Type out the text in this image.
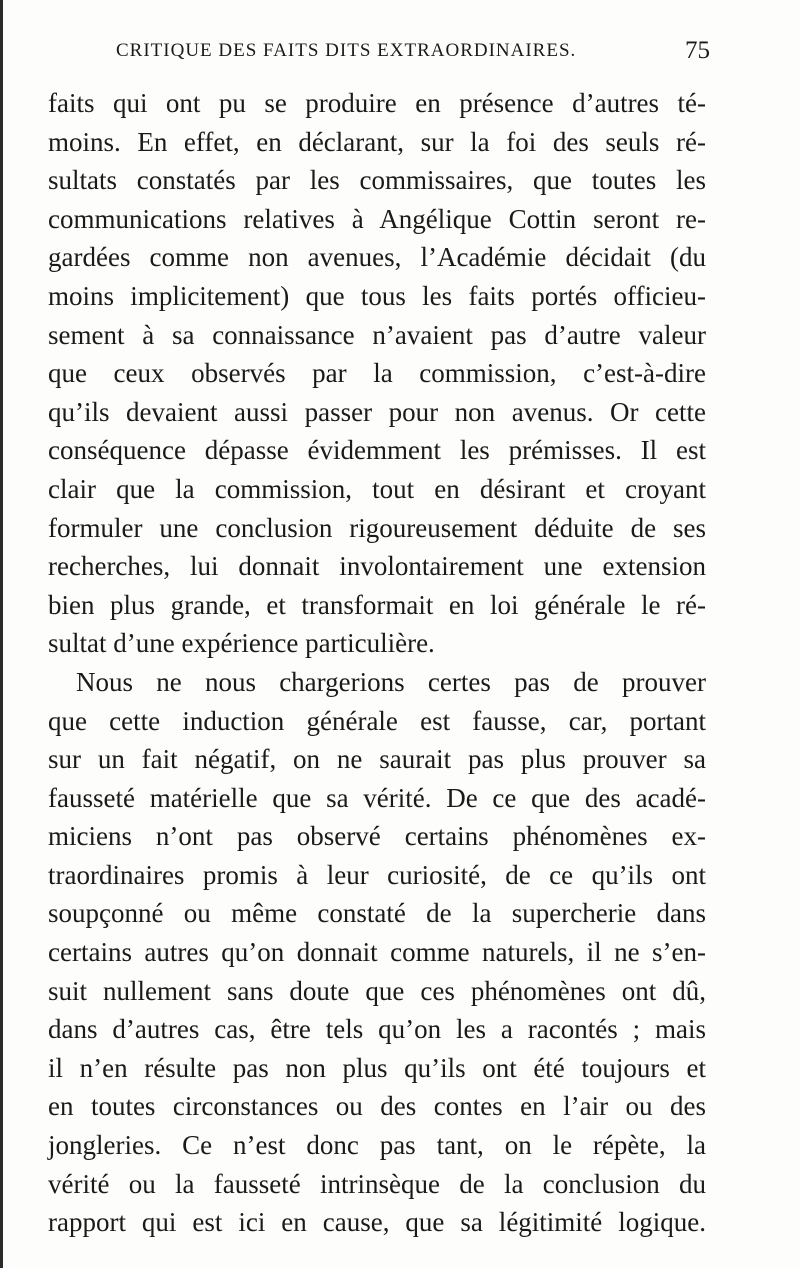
CRITIQUE DES FAITS DITS EXTRAORDINAIRES.	75
faits qui ont pu se produire en présence d’autres té-
moins. En effet, en déclarant, sur la foi des seuls ré-
sultats constatés par les commissaires, que toutes les
communications relatives à Angélique Cottin seront re-
gardées comme non avenues, l’Académie décidait (du
moins implicitement) que tous les faits portés officieu-
sement à sa connaissance n’avaient pas d’autre valeur
que ceux observés par la commission, c’est-à-dire
qu’ils devaient aussi passer pour non avenus. Or cette
conséquence dépasse évidemment les prémisses. Il est
clair que la commission, tout en désirant et croyant
formuler une conclusion rigoureusement déduite de ses
recherches, lui donnait involontairement une extension
bien plus grande, et transformait en loi générale le ré-
sultat d’une expérience particulière.
Nous ne nous chargerions certes pas de prouver
que cette induction générale est fausse, car, portant
sur un fait négatif, on ne saurait pas plus prouver sa
fausseté matérielle que sa vérité. De ce que des acadé-
miciens n’ont pas observé certains phénomènes ex-
traordinaires promis à leur curiosité, de ce qu’ils ont
soupçonné ou même constaté de la supercherie dans
certains autres qu’on donnait comme naturels, il ne s’en-
suit nullement sans doute que ces phénomènes ont dû,
dans d’autres cas, être tels qu’on les a racontés ; mais
il n’en résulte pas non plus qu’ils ont été toujours et
en toutes circonstances ou des contes en l’air ou des
jongleries. Ce n’est donc pas tant, on le répète, la
vérité ou la fausseté intrinsèque de la conclusion du
rapport qui est ici en cause, que sa légitimité logique.
